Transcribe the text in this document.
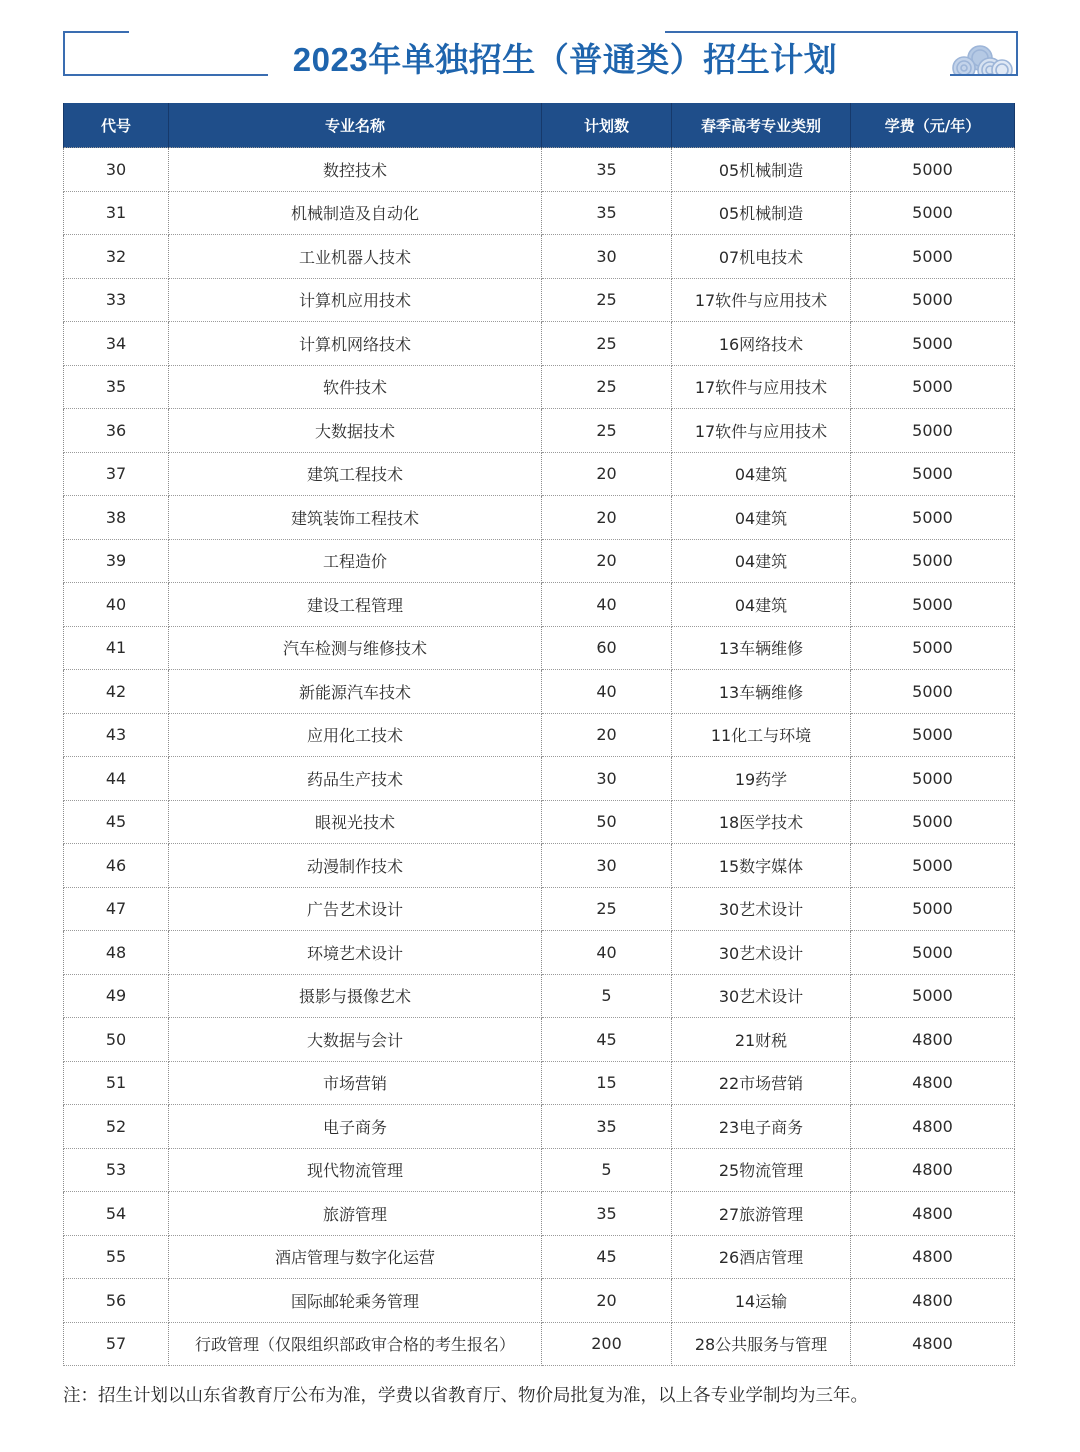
2023年单独招生（普通类）招生计划
代号	专业名称	计划数	春季高考专业类别	学费（元/年）
30	数控技术	35	05机械制造	5000
31	机械制造及自动化	35	05机械制造	5000
32	工业机器人技术	30	07机电技术	5000
33	计算机应用技术	25	17软件与应用技术	5000
34	计算机网络技术	25	16网络技术	5000
35	软件技术	25	17软件与应用技术	5000
36	大数据技术	25	17软件与应用技术	5000
37	建筑工程技术	20	04建筑	5000
38	建筑装饰工程技术	20	04建筑	5000
39	工程造价	20	04建筑	5000
40	建设工程管理	40	04建筑	5000
41	汽车检测与维修技术	60	13车辆维修	5000
42	新能源汽车技术	40	13车辆维修	5000
43	应用化工技术	20	11化工与环境	5000
44	药品生产技术	30	19药学	5000
45	眼视光技术	50	18医学技术	5000
46	动漫制作技术	30	15数字媒体	5000
47	广告艺术设计	25	30艺术设计	5000
48	环境艺术设计	40	30艺术设计	5000
49	摄影与摄像艺术	5	30艺术设计	5000
50	大数据与会计	45	21财税	4800
51	市场营销	15	22市场营销	4800
52	电子商务	35	23电子商务	4800
53	现代物流管理	5	25物流管理	4800
54	旅游管理	35	27旅游管理	4800
55	酒店管理与数字化运营	45	26酒店管理	4800
56	国际邮轮乘务管理	20	14运输	4800
57	行政管理（仅限组织部政审合格的考生报名）	200	28公共服务与管理	4800
注：招生计划以山东省教育厅公布为准，学费以省教育厅、物价局批复为准，以上各专业学制均为三年。
